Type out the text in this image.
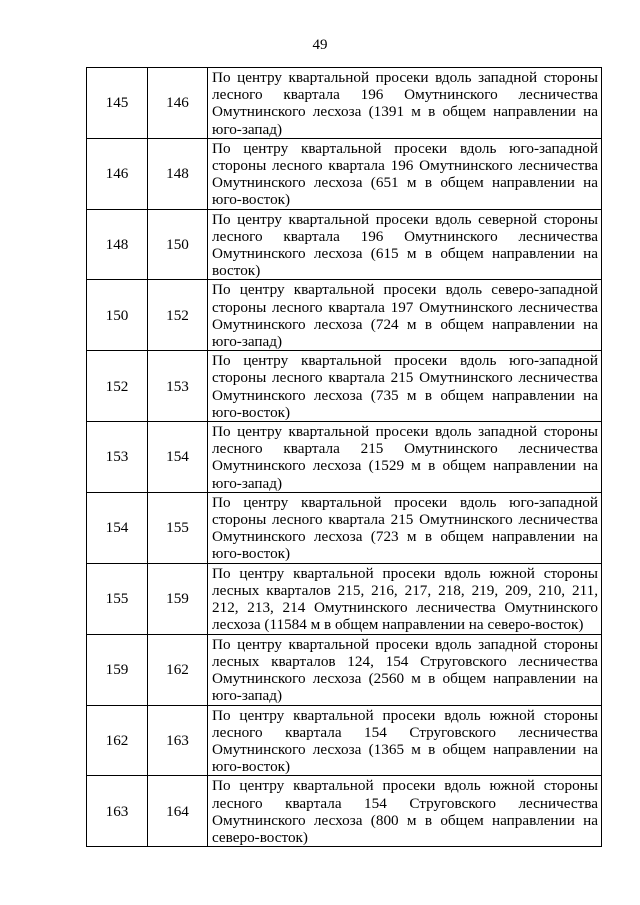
49
145	146	По центру квартальной просеки вдоль западной стороны лесного квартала 196 Омутнинского лесничества Омутнинского лесхоза (1391 м в общем направлении на юго-запад)
146	148	По центру квартальной просеки вдоль юго-западной стороны лесного квартала 196 Омутнинского лесничества Омутнинского лесхоза (651 м в общем направлении на юго-восток)
148	150	По центру квартальной просеки вдоль северной стороны лесного квартала 196 Омутнинского лесничества Омутнинского лесхоза (615 м в общем направлении на восток)
150	152	По центру квартальной просеки вдоль северо-западной стороны лесного квартала 197 Омутнинского лесничества Омутнинского лесхоза (724 м в общем направлении на юго-запад)
152	153	По центру квартальной просеки вдоль юго-западной стороны лесного квартала 215 Омутнинского лесничества Омутнинского лесхоза (735 м в общем направлении на юго-восток)
153	154	По центру квартальной просеки вдоль западной стороны лесного квартала 215 Омутнинского лесничества Омутнинского лесхоза (1529 м в общем направлении на юго-запад)
154	155	По центру квартальной просеки вдоль юго-западной стороны лесного квартала 215 Омутнинского лесничества Омутнинского лесхоза (723 м в общем направлении на юго-восток)
155	159	По центру квартальной просеки вдоль южной стороны лесных кварталов 215, 216, 217, 218, 219, 209, 210, 211, 212, 213, 214 Омутнинского лесничества Омутнинского лесхоза (11584 м в общем направлении на северо-восток)
159	162	По центру квартальной просеки вдоль западной стороны лесных кварталов 124, 154 Струговского лесничества Омутнинского лесхоза (2560 м в общем направлении на юго-запад)
162	163	По центру квартальной просеки вдоль южной стороны лесного квартала 154 Струговского лесничества Омутнинского лесхоза (1365 м в общем направлении на юго-восток)
163	164	По центру квартальной просеки вдоль южной стороны лесного квартала 154 Струговского лесничества Омутнинского лесхоза (800 м в общем направлении на северо-восток)
